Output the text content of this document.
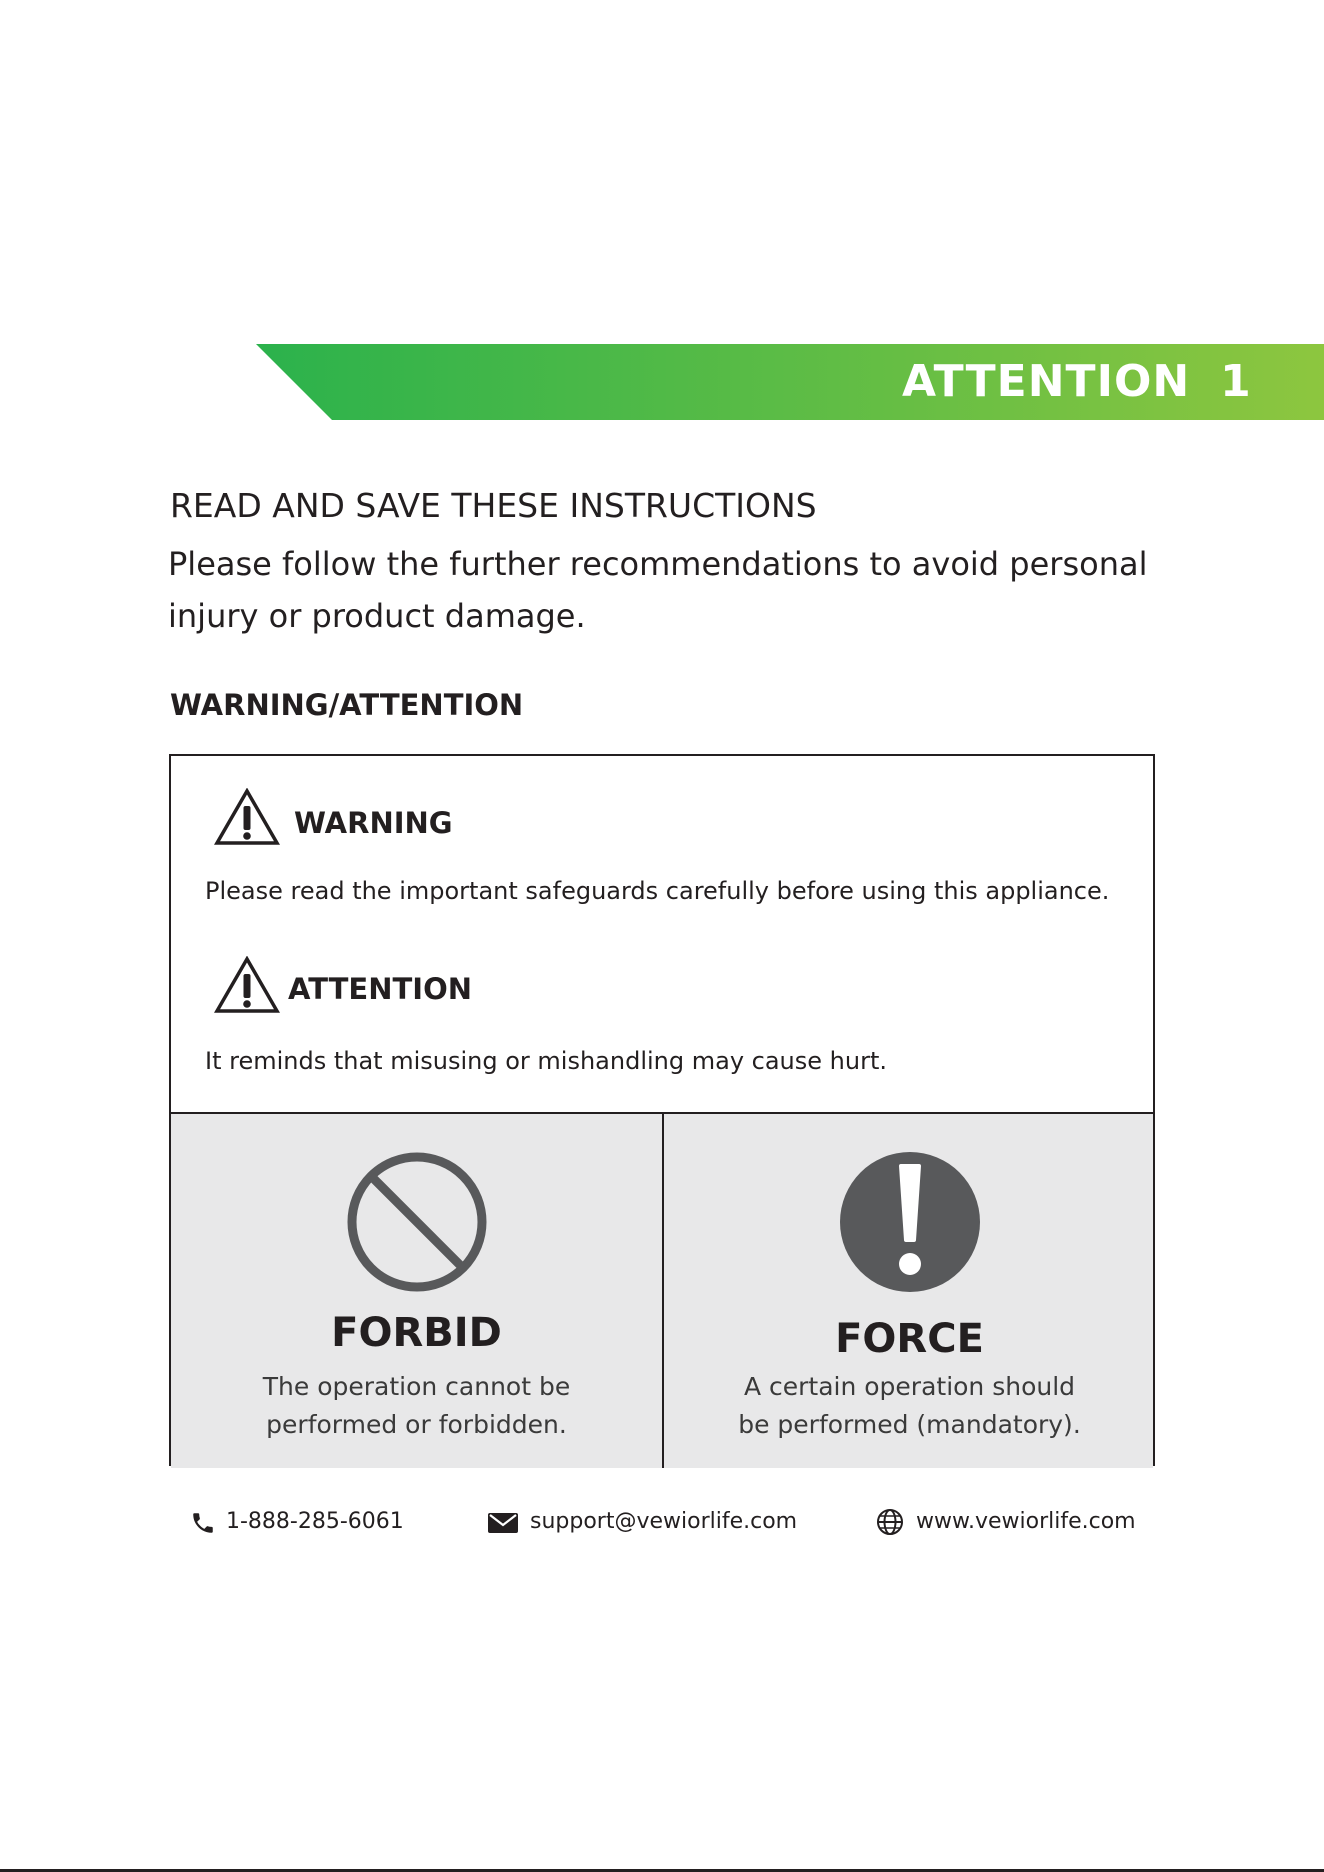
ATTENTION 1
READ AND SAVE THESE INSTRUCTIONS
Please follow the further recommendations to avoid personal
injury or product damage.
WARNING/ATTENTION
WARNING
Please read the important safeguards carefully before using this appliance.
ATTENTION
It reminds that misusing or mishandling may cause hurt.
FORBID
The operation cannot be
performed or forbidden.
FORCE
A certain operation should
be performed (mandatory).
1-888-285-6061	support@vewiorlife.com	www.vewiorlife.com
